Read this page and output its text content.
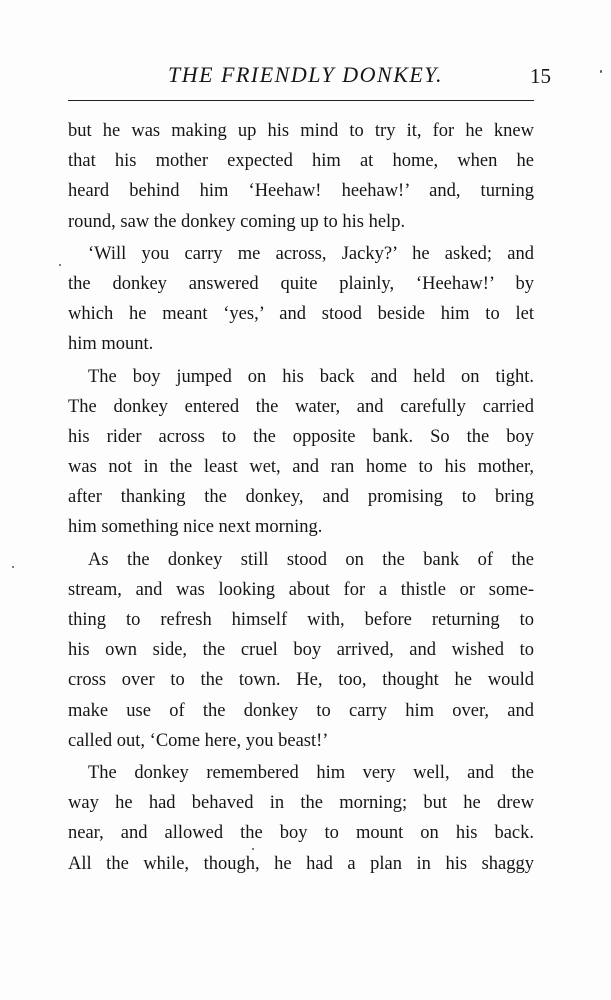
THE FRIENDLY DONKEY.	15
but he was making up his mind to try it, for he knew
that his mother expected him at home, when he
heard behind him ‘Heehaw! heehaw!’ and, turning
round, saw the donkey coming up to his help.
‘Will you carry me across, Jacky?’ he asked; and
the donkey answered quite plainly, ‘Heehaw!’ by
which he meant ‘yes,’ and stood beside him to let
him mount.
The boy jumped on his back and held on tight.
The donkey entered the water, and carefully carried
his rider across to the opposite bank. So the boy
was not in the least wet, and ran home to his mother,
after thanking the donkey, and promising to bring
him something nice next morning.
As the donkey still stood on the bank of the
stream, and was looking about for a thistle or some-
thing to refresh himself with, before returning to
his own side, the cruel boy arrived, and wished to
cross over to the town. He, too, thought he would
make use of the donkey to carry him over, and
called out, ‘Come here, you beast!’
The donkey remembered him very well, and the
way he had behaved in the morning; but he drew
near, and allowed the boy to mount on his back.
All the while, though, he had a plan in his shaggy
